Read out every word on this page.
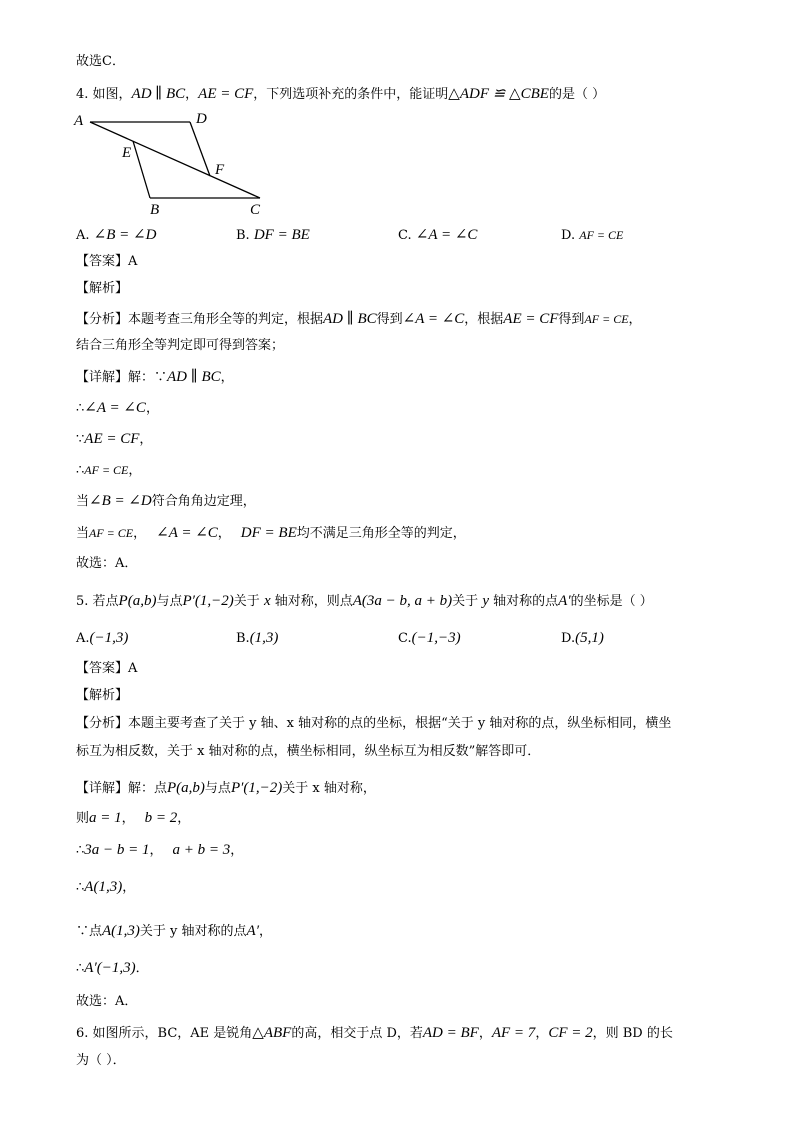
故选C．
4. 如图，AD ∥ BC，AE = CF，下列选项补充的条件中，能证明△ADF ≌ △CBE的是（ ）
A	D
E
F
B	C
A. ∠B = ∠D	B. DF = BE	C. ∠A = ∠C	D. AF = CE
【答案】A
【解析】
【分析】本题考查三角形全等的判定，根据AD ∥ BC得到∠A = ∠C，根据AE = CF得到AF = CE，
结合三角形全等判定即可得到答案；
【详解】解：∵AD ∥ BC，
∴∠A = ∠C，
∵AE = CF，
∴AF = CE，
当∠B = ∠D符合角角边定理，
当AF = CE， ∠A = ∠C， DF = BE均不满足三角形全等的判定，
故选：A．
5. 若点P(a,b)与点P′(1,−2)关于 x 轴对称，则点A(3a − b, a + b)关于 y 轴对称的点A′的坐标是（ ）
A.(−1,3)	B.(1,3)	C.(−1,−3)	D.(5,1)
【答案】A
【解析】
【分析】本题主要考查了关于 y 轴、x 轴对称的点的坐标，根据“关于 y 轴对称的点，纵坐标相同，横坐
标互为相反数，关于 x 轴对称的点，横坐标相同，纵坐标互为相反数”解答即可．
【详解】解：点P(a,b)与点P′(1,−2)关于 x 轴对称，
则a = 1， b = 2，
∴3a − b = 1， a + b = 3，
∴A(1,3)，
∵点A(1,3)关于 y 轴对称的点A′，
∴A′(−1,3)．
故选：A．
6. 如图所示，BC，AE 是锐角△ABF的高，相交于点 D，若AD = BF，AF = 7，CF = 2，则 BD 的长
为（ ）．
